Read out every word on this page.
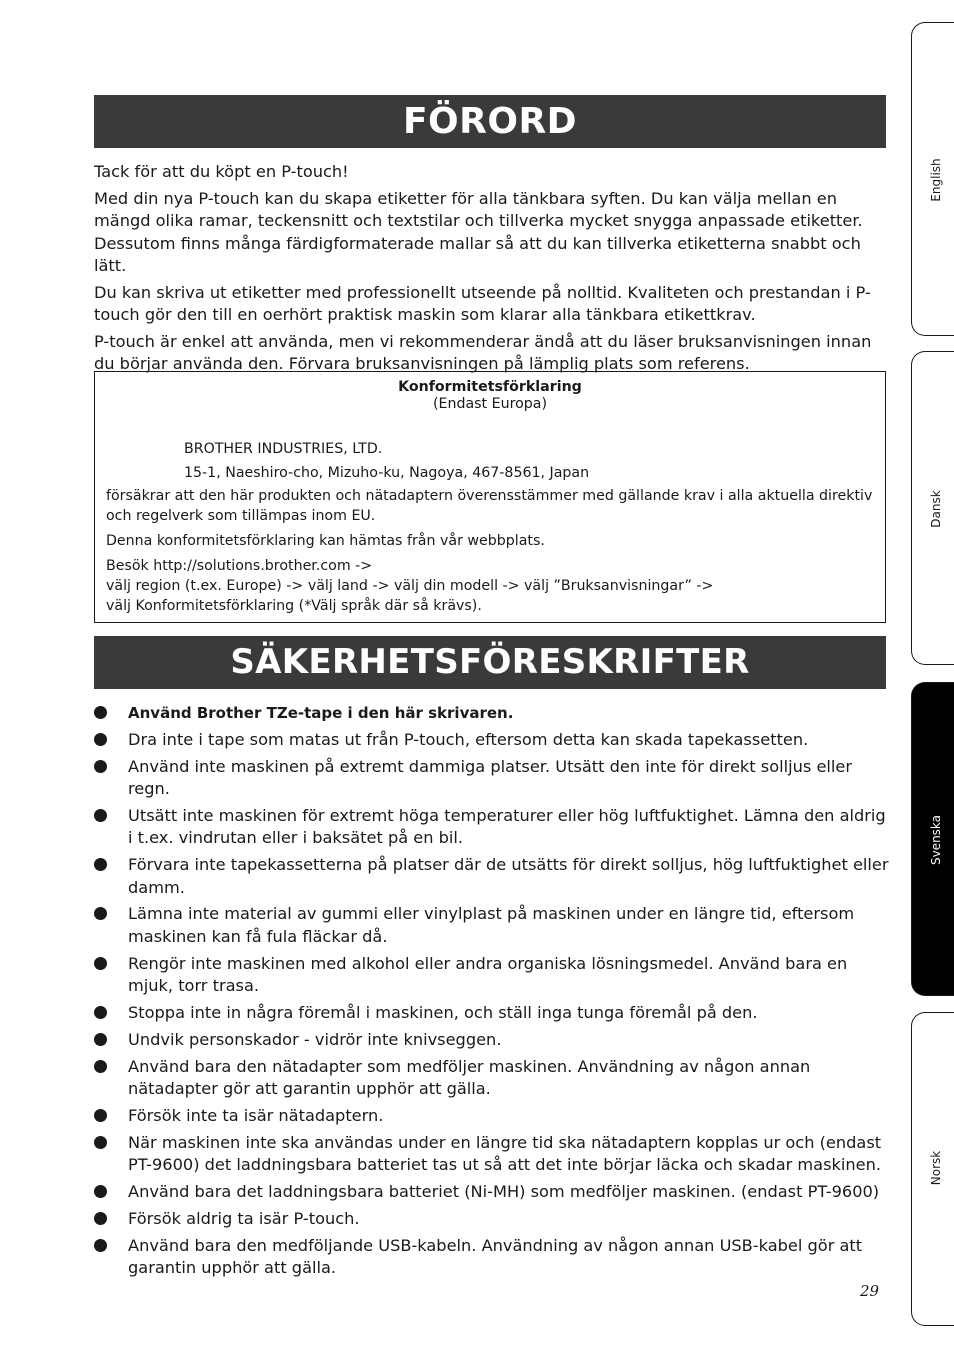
FÖRORD

Tack för att du köpt en P-touch!

Med din nya P-touch kan du skapa etiketter för alla tänkbara syften. Du kan välja mellan en mängd olika ramar, teckensnitt och textstilar och tillverka mycket snygga anpassade etiketter. Dessutom finns många färdigformaterade mallar så att du kan tillverka etiketterna snabbt och lätt.

Du kan skriva ut etiketter med professionellt utseende på nolltid. Kvaliteten och prestandan i P-touch gör den till en oerhört praktisk maskin som klarar alla tänkbara etikettkrav.

P-touch är enkel att använda, men vi rekommenderar ändå att du läser bruksanvisningen innan du börjar använda den. Förvara bruksanvisningen på lämplig plats som referens.

Konformitetsförklaring
(Endast Europa)
BROTHER INDUSTRIES, LTD.
15-1, Naeshiro-cho, Mizuho-ku, Nagoya, 467-8561, Japan
försäkrar att den här produkten och nätadaptern överensstämmer med gällande krav i alla aktuella direktiv och regelverk som tillämpas inom EU.
Denna konformitetsförklaring kan hämtas från vår webbplats.
Besök http://solutions.brother.com ->
välj region (t.ex. Europe) -> välj land -> välj din modell -> välj ”Bruksanvisningar” ->
välj Konformitetsförklaring (*Välj språk där så krävs).
SÄKERHETSFÖRESKRIFTER
Använd Brother TZe-tape i den här skrivaren.
Dra inte i tape som matas ut från P-touch, eftersom detta kan skada tapekassetten.
Använd inte maskinen på extremt dammiga platser. Utsätt den inte för direkt solljus eller regn.
Utsätt inte maskinen för extremt höga temperaturer eller hög luftfuktighet. Lämna den aldrig i t.ex. vindrutan eller i baksätet på en bil.
Förvara inte tapekassetterna på platser där de utsätts för direkt solljus, hög luftfuktighet eller damm.
Lämna inte material av gummi eller vinylplast på maskinen under en längre tid, eftersom maskinen kan få fula fläckar då.
Rengör inte maskinen med alkohol eller andra organiska lösningsmedel. Använd bara en mjuk, torr trasa.
Stoppa inte in några föremål i maskinen, och ställ inga tunga föremål på den.
Undvik personskador - vidrör inte knivseggen.
Använd bara den nätadapter som medföljer maskinen. Användning av någon annan nätadapter gör att garantin upphör att gälla.
Försök inte ta isär nätadaptern.
När maskinen inte ska användas under en längre tid ska nätadaptern kopplas ur och (endast PT-9600) det laddningsbara batteriet tas ut så att det inte börjar läcka och skadar maskinen.
Använd bara det laddningsbara batteriet (Ni-MH) som medföljer maskinen. (endast PT-9600)
Försök aldrig ta isär P-touch.
Använd bara den medföljande USB-kabeln. Användning av någon annan USB-kabel gör att garantin upphör att gälla.
English
Dansk
Svenska
Norsk
29
